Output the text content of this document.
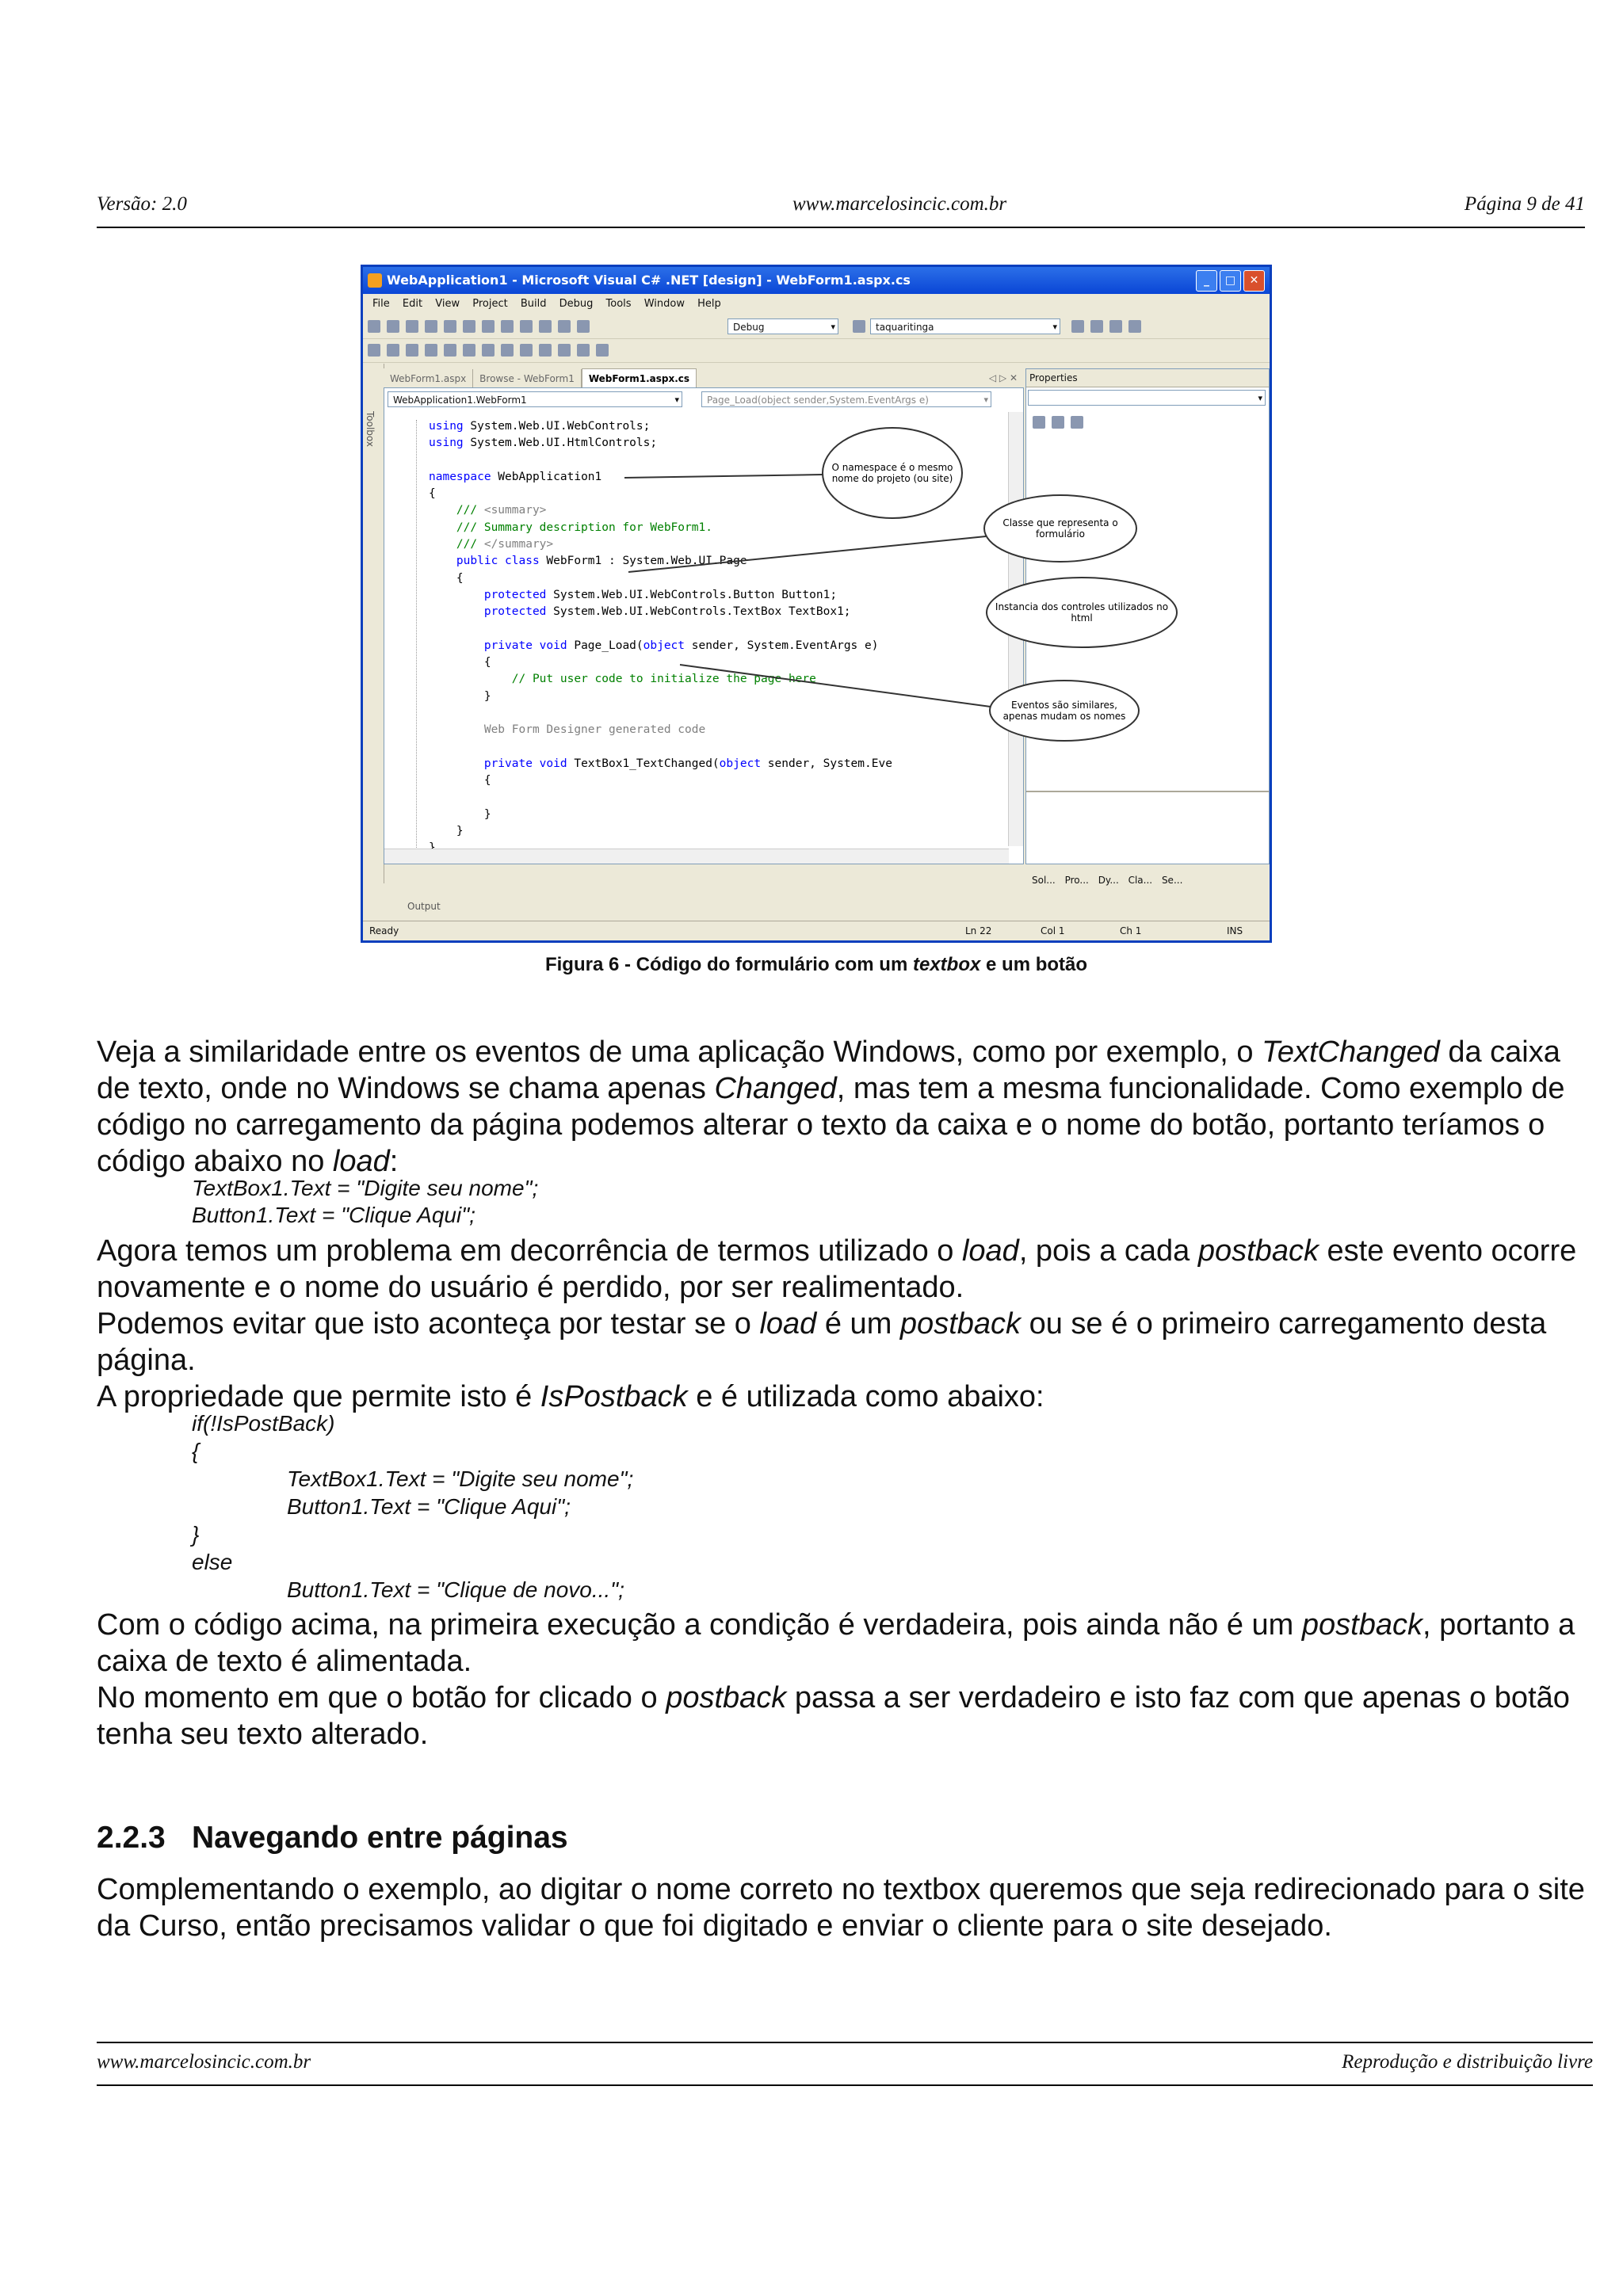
Versão: 2.0	www.marcelosincic.com.br	Página 9 de 41
WebApplication1 - Microsoft Visual C# .NET [design] - WebForm1.aspx.cs	_	□	✕
File Edit View Project Build Debug Tools Window Help
Debug ▾	taquaritinga ▾
Toolbox
WebForm1.aspx Browse - WebForm1 WebForm1.aspx.cs	◁ ▷ ✕
WebApplication1.WebForm1 ▾	Page_Load(object sender,System.EventArgs e) ▾
using System.Web.UI.WebControls;
using System.Web.UI.HtmlControls;

namespace WebApplication1
{
/// <summary>
/// Summary description for WebForm1.
/// </summary>
public class WebForm1 : System.Web.UI.Page
{
protected System.Web.UI.WebControls.Button Button1;
protected System.Web.UI.WebControls.TextBox TextBox1;

private void Page_Load(object sender, System.EventArgs e)
{
// Put user code to initialize the page here
}

Web Form Designer generated code

private void TextBox1_TextChanged(object sender, System.Eve
{

}
}
Properties
▾
Sol... Pro... Dy... Cla... Se...
Output
Ready	Ln 22	Col 1	Ch 1	INS
O namespace é o mesmo nome do projeto (ou site)
Classe que representa o formulário
Instancia dos controles utilizados no html
Eventos são similares, apenas mudam os nomes
Figura 6 - Código do formulário com um textbox e um botão
Veja a similaridade entre os eventos de uma aplicação Windows, como por exemplo, o TextChanged da caixa de texto, onde no Windows se chama apenas Changed, mas tem a mesma funcionalidade. Como exemplo de código no carregamento da página podemos alterar o texto da caixa e o nome do botão, portanto teríamos o código abaixo no load:
TextBox1.Text = "Digite seu nome";
Button1.Text = "Clique Aqui";
Agora temos um problema em decorrência de termos utilizado o load, pois a cada postback este evento ocorre novamente e o nome do usuário é perdido, por ser realimentado.
Podemos evitar que isto aconteça por testar se o load é um postback ou se é o primeiro carregamento desta página.
A propriedade que permite isto é IsPostback e é utilizada como abaixo:
if(!IsPostBack)
{
TextBox1.Text = "Digite seu nome";
Button1.Text = "Clique Aqui";
}
else
Button1.Text = "Clique de novo...";
Com o código acima, na primeira execução a condição é verdadeira, pois ainda não é um postback, portanto a caixa de texto é alimentada.
No momento em que o botão for clicado o postback passa a ser verdadeiro e isto faz com que apenas o botão tenha seu texto alterado.
2.2.3 Navegando entre páginas
Complementando o exemplo, ao digitar o nome correto no textbox queremos que seja redirecionado para o site da Curso, então precisamos validar o que foi digitado e enviar o cliente para o site desejado.
www.marcelosincic.com.br	Reprodução e distribuição livre
